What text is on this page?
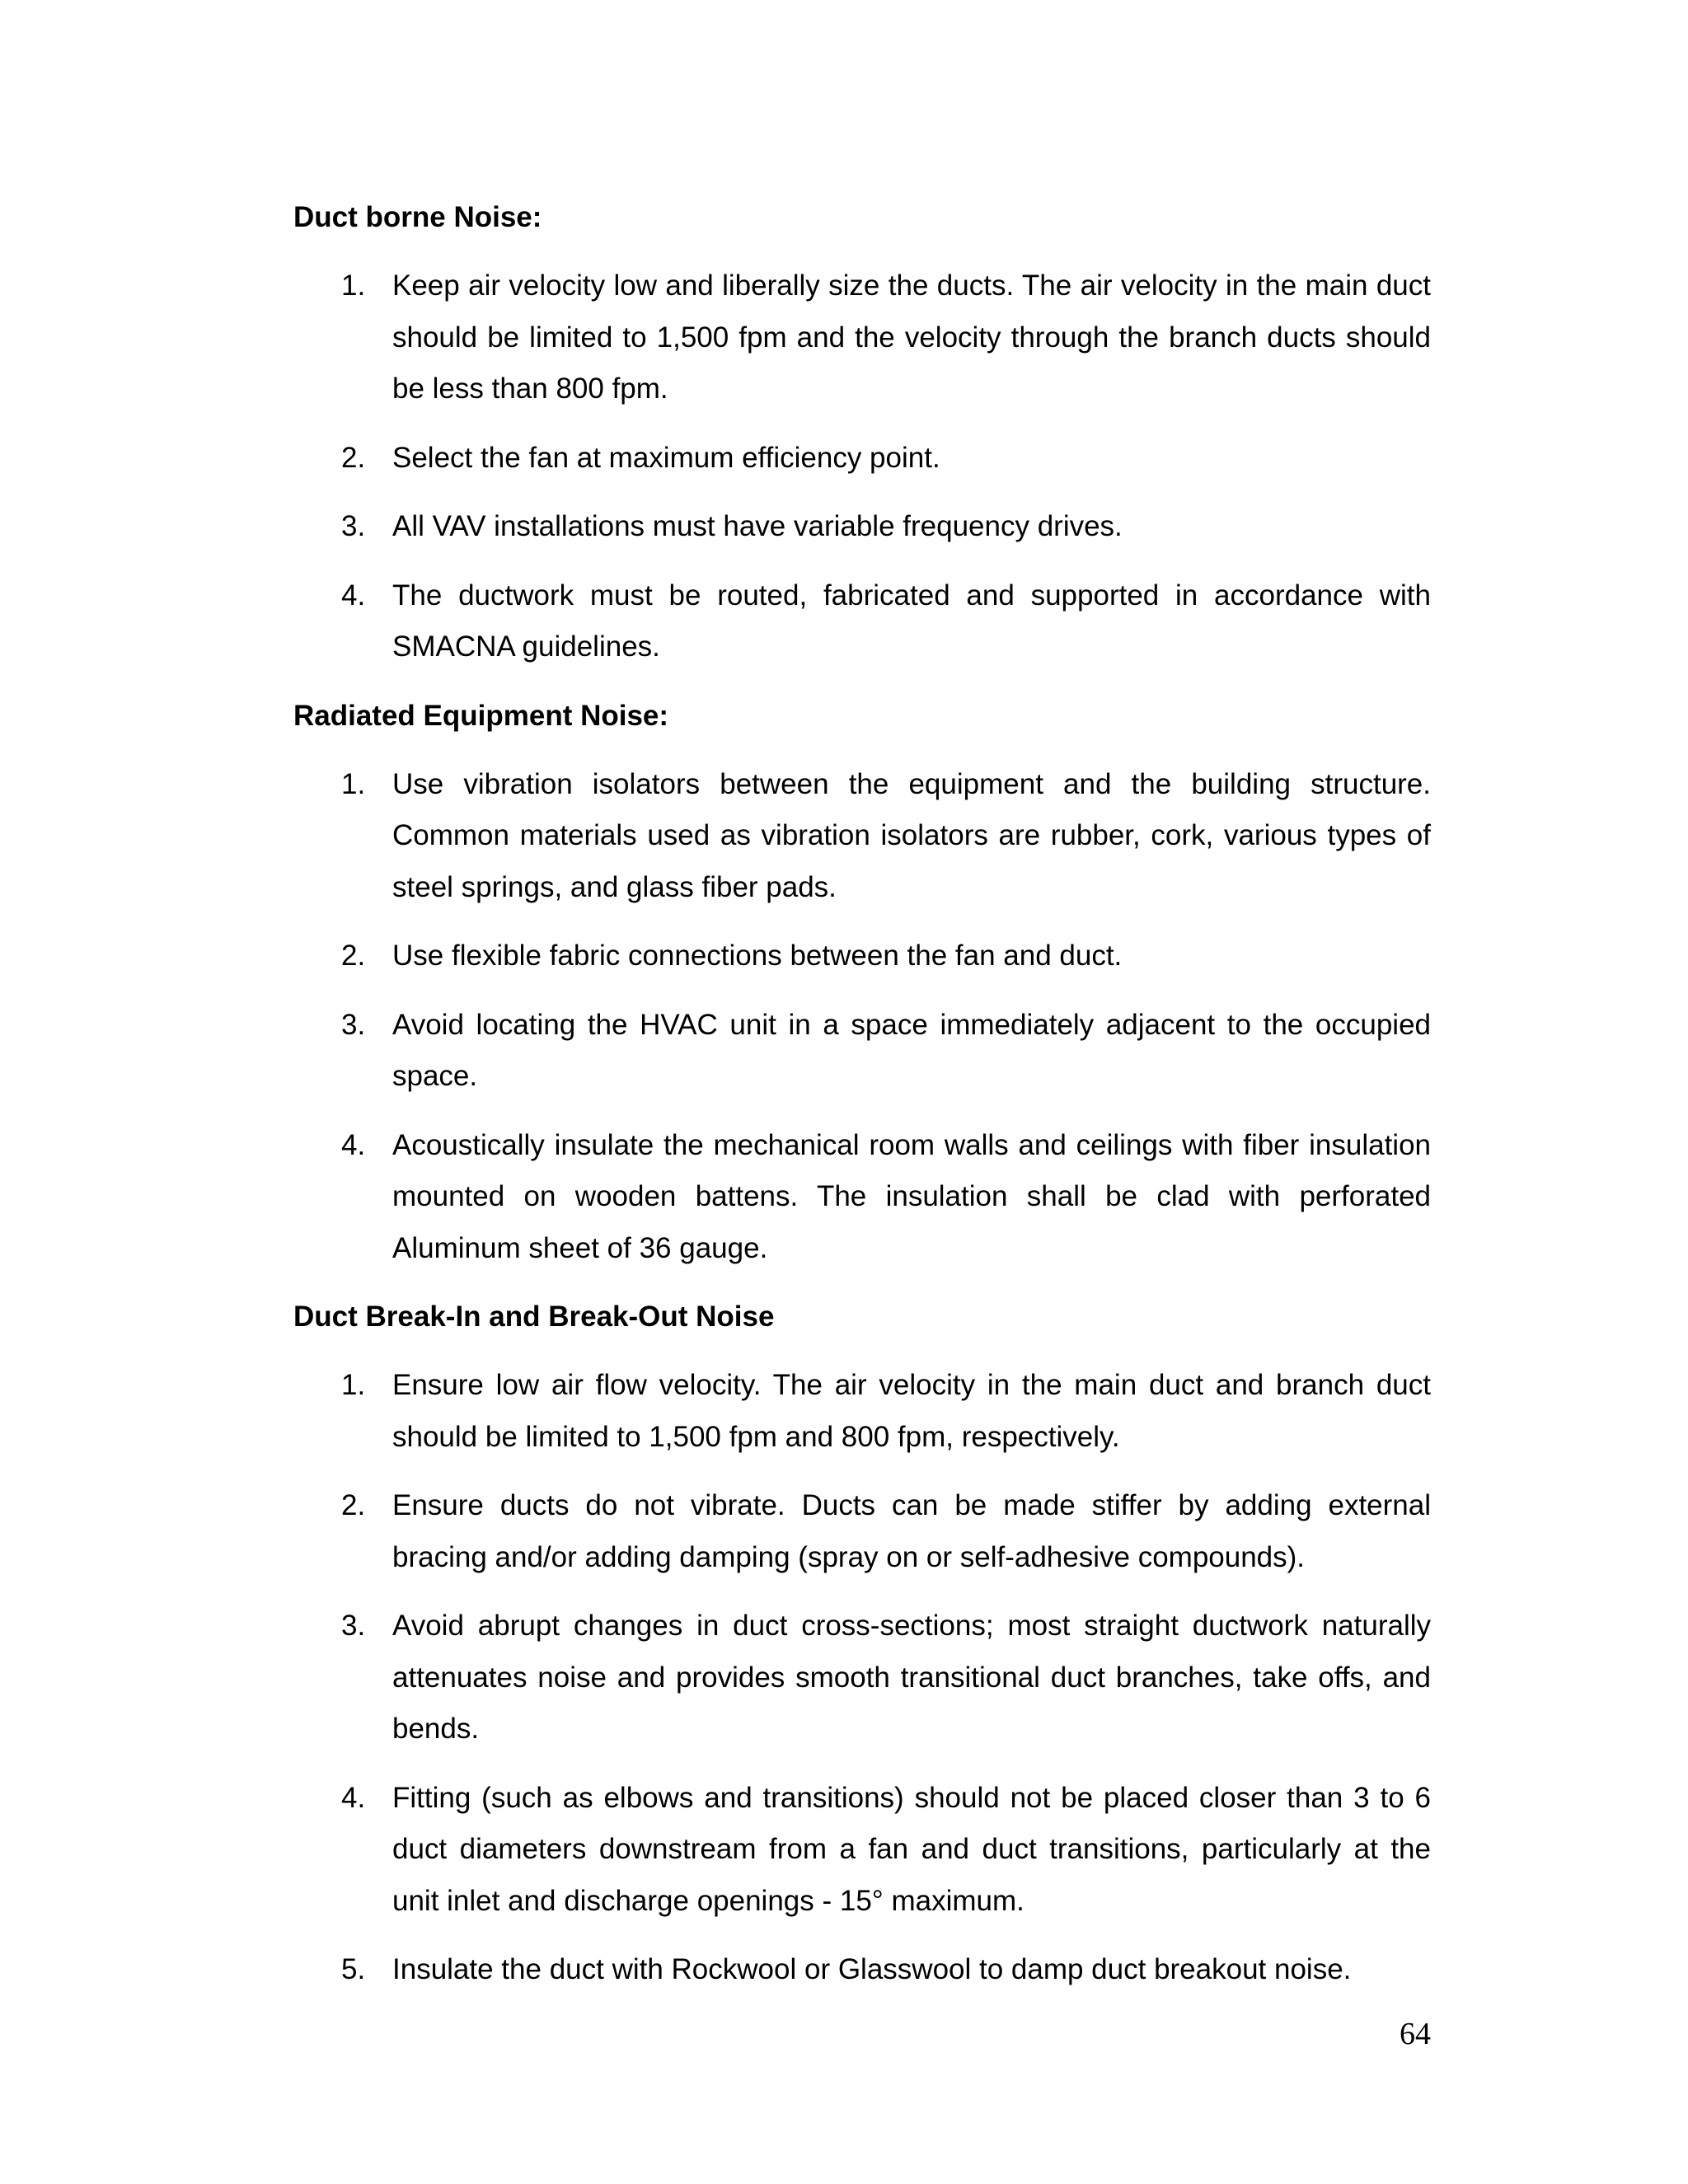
Duct borne Noise:
1. Keep air velocity low and liberally size the ducts. The air velocity in the main duct should be limited to 1,500 fpm and the velocity through the branch ducts should be less than 800 fpm.
2. Select the fan at maximum efficiency point.
3. All VAV installations must have variable frequency drives.
4. The ductwork must be routed, fabricated and supported in accordance with SMACNA guidelines.
Radiated Equipment Noise:
1. Use vibration isolators between the equipment and the building structure. Common materials used as vibration isolators are rubber, cork, various types of steel springs, and glass fiber pads.
2. Use flexible fabric connections between the fan and duct.
3. Avoid locating the HVAC unit in a space immediately adjacent to the occupied space.
4. Acoustically insulate the mechanical room walls and ceilings with fiber insulation mounted on wooden battens. The insulation shall be clad with perforated Aluminum sheet of 36 gauge.
Duct Break-In and Break-Out Noise
1. Ensure low air flow velocity. The air velocity in the main duct and branch duct should be limited to 1,500 fpm and 800 fpm, respectively.
2. Ensure ducts do not vibrate. Ducts can be made stiffer by adding external bracing and/or adding damping (spray on or self-adhesive compounds).
3. Avoid abrupt changes in duct cross-sections; most straight ductwork naturally attenuates noise and provides smooth transitional duct branches, take offs, and bends.
4. Fitting (such as elbows and transitions) should not be placed closer than 3 to 6 duct diameters downstream from a fan and duct transitions, particularly at the unit inlet and discharge openings - 15° maximum.
5. Insulate the duct with Rockwool or Glasswool to damp duct breakout noise.
64
